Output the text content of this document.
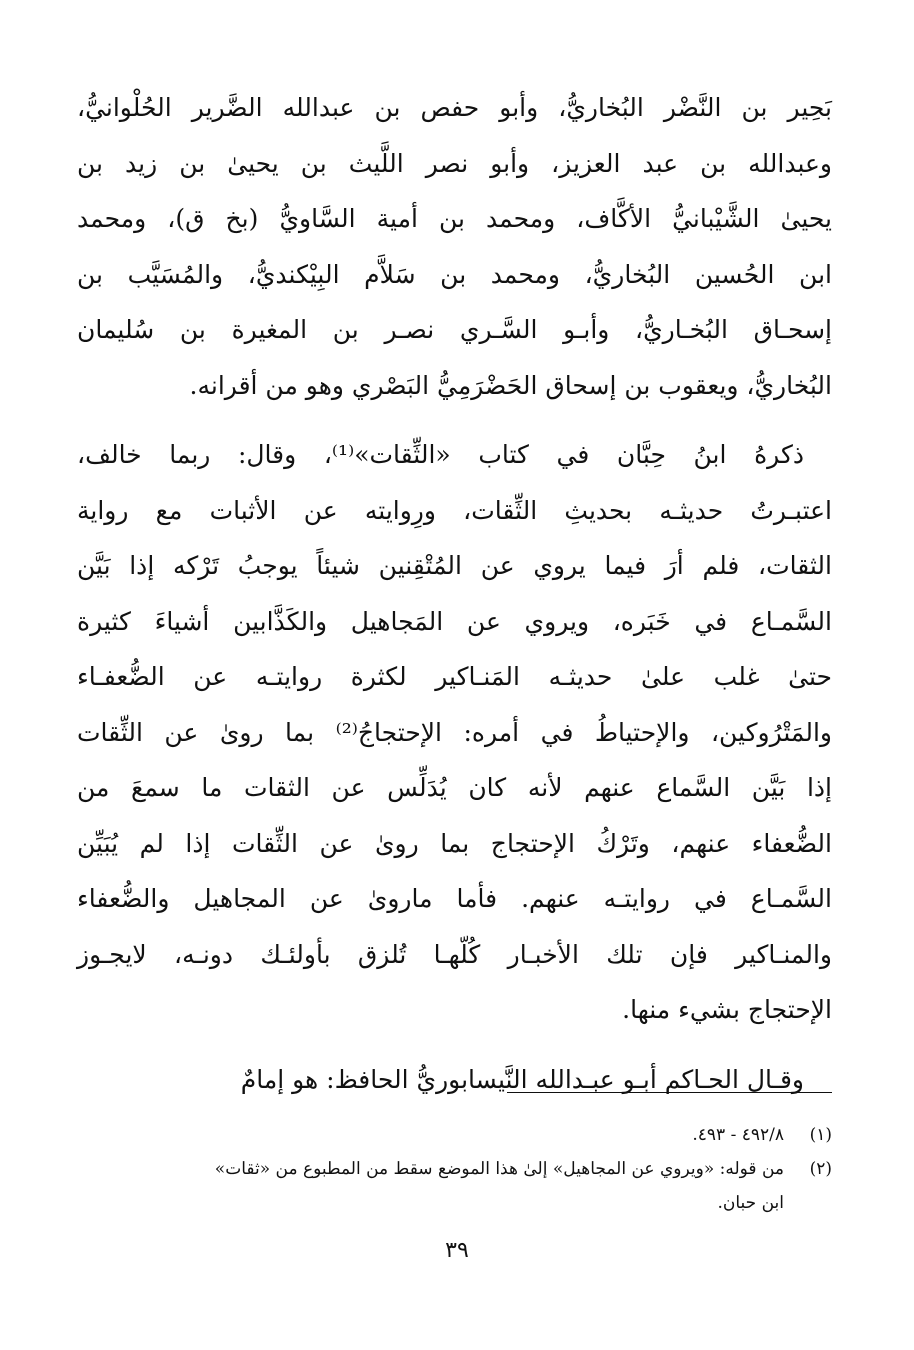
بَحِير بن النَّضْر البُخاريُّ، وأبو حفص بن عبدالله الضَّرير الحُلْوانيُّ،
وعبدالله بن عبد العزيز، وأبو نصر اللَّيث بن يحيىٰ بن زيد بن
يحيىٰ الشَّيْبانيُّ الأكَّاف، ومحمد بن أمية السَّاويُّ (بخ ق)، ومحمد
ابن الحُسين البُخاريُّ، ومحمد بن سَلاَّم البِيْكنديُّ، والمُسَيَّب بن
إسحـاق البُخـاريُّ، وأبـو السَّـري نصـر بن المغيرة بن سُليمان
البُخاريُّ، ويعقوب بن إسحاق الحَضْرَمِيُّ البَصْري وهو من أقرانه.

ذكرهُ ابنُ حِبَّان في كتاب «الثِّقات»⁽¹⁾، وقال: ربما خالف،
اعتبـرتُ حديثـه بحديثِ الثِّقات، ورِوايته عن الأثبات مع رواية
الثقات، فلم أرَ فيما يروي عن المُتْقِنين شيئاً يوجبُ تَرْكه إذا بَيَّن
السَّمـاع في خَبَره، ويروي عن المَجاهيل والكَذَّابين أشياءَ كثيرة
حتىٰ غلب علىٰ حديثـه المَنـاكير لكثرة روايتـه عن الضُّعفـاء
والمَتْرُوكين، والإحتياطُ في أمره: الإحتجاجُ⁽²⁾ بما روىٰ عن الثِّقات
إذا بَيَّن السَّماع عنهم لأنه كان يُدَلِّس عن الثقات ما سمعَ من
الضُّعفاء عنهم، وتَرْكُ الإحتجاج بما روىٰ عن الثِّقات إذا لم يُبَيِّن
السَّمـاع في روايتـه عنهم. فأما ماروىٰ عن المجاهيل والضُّعفاء
والمنـاكير فإن تلك الأخبـار كُلّهـا تُلزق بأولئـك دونـه، لايجـوز
الإحتجاج بشيء منها.

وقـال الحـاكم أبـو عبـدالله النَّيسابوريُّ الحافظ: هو إمامٌ

(١)
٤٩٢/٨ - ٤٩٣.
(٢)
من قوله: «ويروي عن المجاهيل» إلىٰ هذا الموضع سقط من المطبوع من «ثقات»
ابن حبان.
٣٩
